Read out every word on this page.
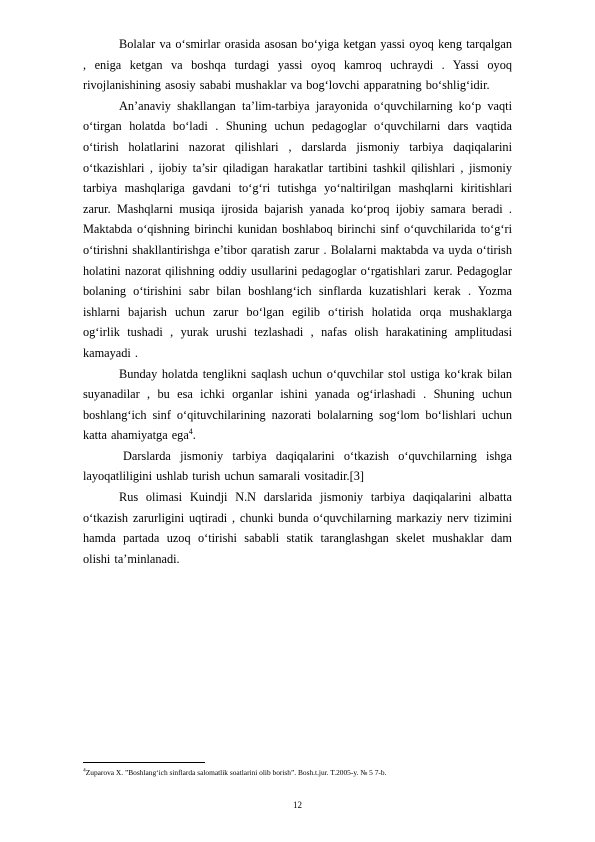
Bolalar va o‘smirlar orasida asosan bo‘yiga ketgan yassi oyoq keng tarqalgan , enіga ketgan va boshqa turdagi yassi oyoq kamroq uchraydi . Yassi oyoq rivojlanishining asosiy sababi mushaklar va bog‘lovchi apparatning bo‘shlig‘idir.

An’anaviy shakllangan ta’lim-tarbiya jarayonida o‘quvchilarning ko‘p vaqti o‘tirgan holatda bo‘ladi . Shuning uchun pedagoglar o‘quvchilarni dars vaqtida o‘tirish holatlarini nazorat qilishlari , darslarda jismoniy tarbiya daqiqalarini o‘tkazishlari , ijobiy ta’sir qiladigan harakatlar tartibini tashkil qilishlari , jismoniy tarbiya mashqlariga gavdani to‘g‘ri tutishga yo‘naltirilgan mashqlarni kiritishlari zarur. Mashqlarni musiqa ijrosida bajarish yanada ko‘proq ijobiy samara beradi . Maktabda o‘qishning birinchi kunidan boshlaboq birinchi sinf o‘quvchilarida to‘g‘ri o‘tirishni shakllantirishga e’tibor qaratish zarur . Bolalarni maktabda va uyda o‘tirish holatini nazorat qilishning oddiy usullarini pedagoglar o‘rgatishlari zarur. Pedagoglar bolaning o‘tirishini sabr bilan boshlang‘ich sinflarda kuzatishlari kerak . Yozma ishlarni bajarish uchun zarur bo‘lgan egilib o‘tirish holatida orqa mushaklarga og‘irlik tushadi , yurak urushi tezlashadi , nafas olish harakatining amplitudasi kamayadi .

Bunday holatda tenglikni saqlash uchun o‘quvchilar stol ustiga ko‘krak bilan suyanadilar , bu esa ichki organlar ishini yanada og‘irlashadi . Shuning uchun boshlang‘ich sinf o‘qituvchilarining nazorati bolalarning sog‘lom bo‘lishlari uchun katta ahamiyatga ega$^4$.

Darslarda jismoniy tarbiya daqiqalarini o‘tkazish o‘quvchilarning ishga layoqatliligini ushlab turish uchun samarali vositadir.[3]

Rus olimasi Kuindji N.N darslarida jismoniy tarbiya daqiqalarini albatta o‘tkazish zarurligini uqtiradi , chunki bunda o‘quvchilarning markaziy nerv tizimini hamda partada uzoq o‘tirishi sababli statik taranglashgan skelet mushaklar dam olishi ta’minlanadi.

$^4$Zuparova X. ”Boshlang‘ich sinflarda salomatlik soatlarini olib borish”. Bosh.t.jur. T.2005-y. № 5 7-b.
12
